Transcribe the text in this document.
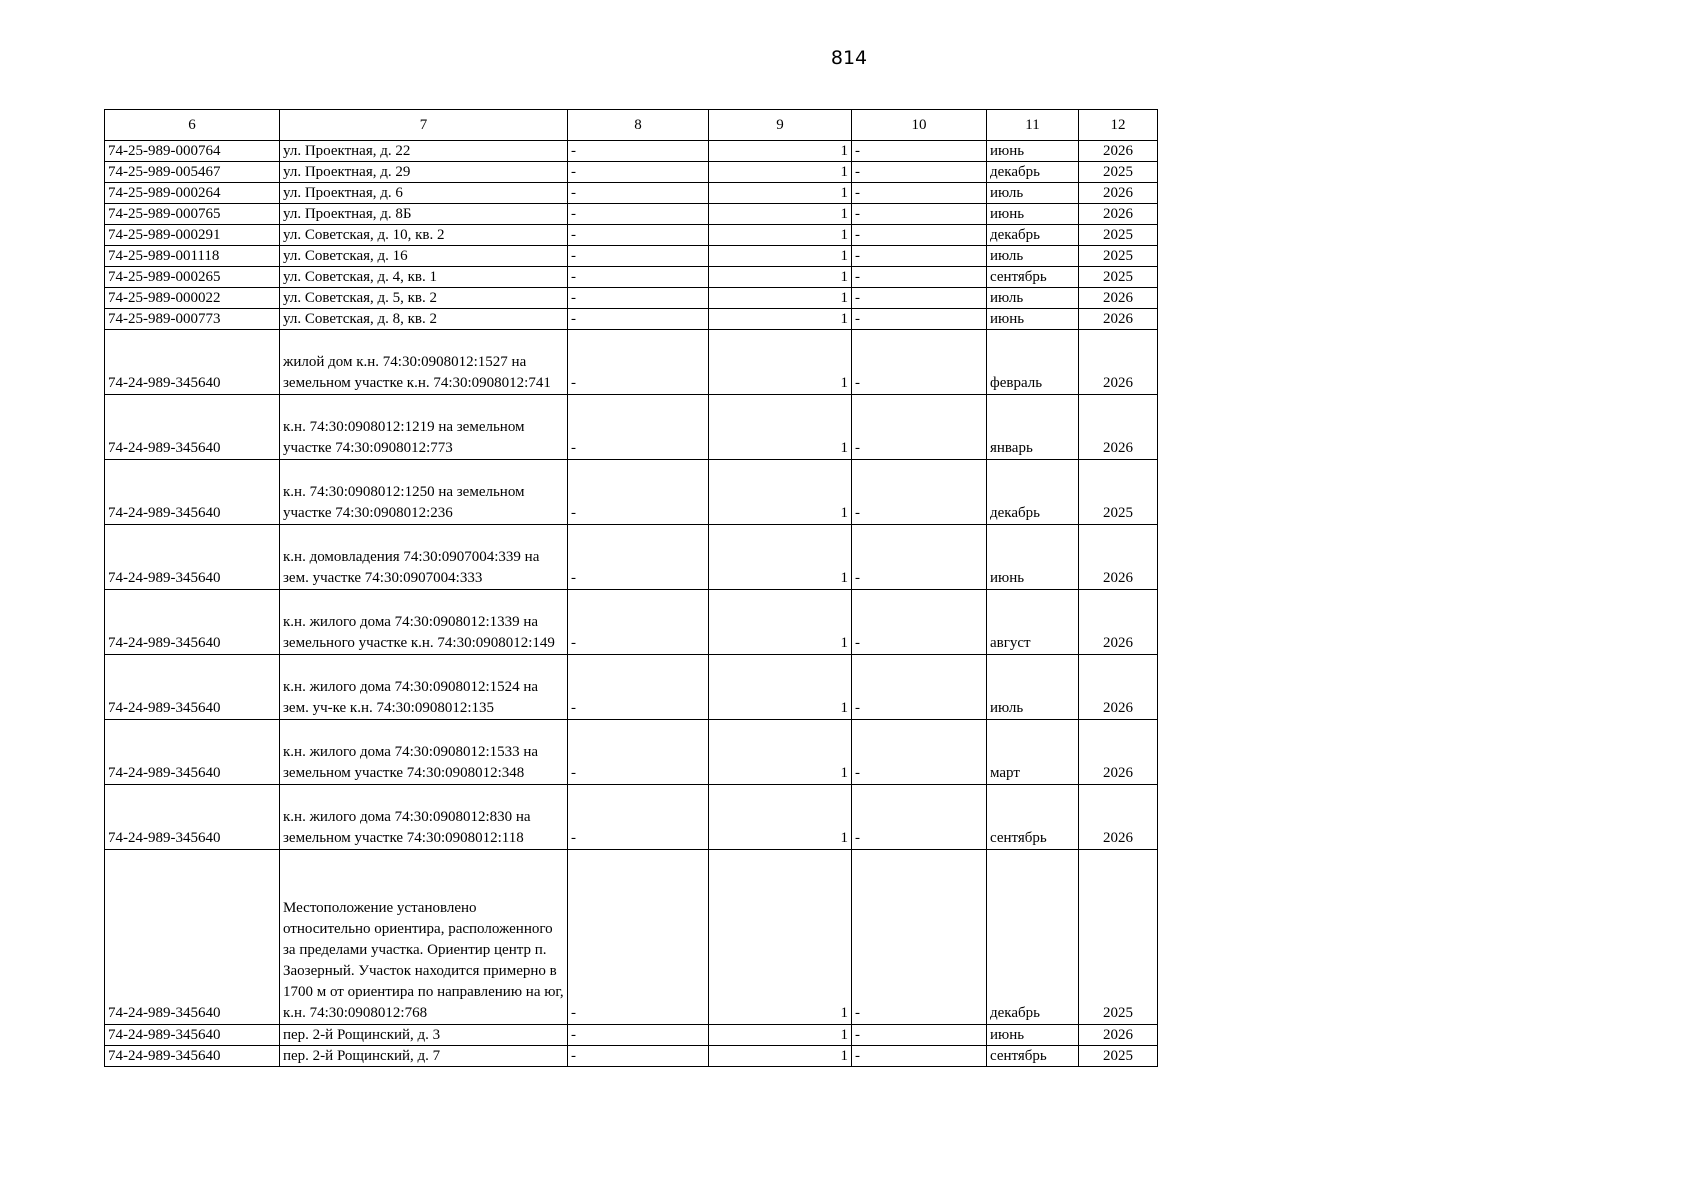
814
6	7	8	9	10	11	12
74-25-989-000764	ул. Проектная, д. 22	-	1	-	июнь	2026
74-25-989-005467	ул. Проектная, д. 29	-	1	-	декабрь	2025
74-25-989-000264	ул. Проектная, д. 6	-	1	-	июль	2026
74-25-989-000765	ул. Проектная, д. 8Б	-	1	-	июнь	2026
74-25-989-000291	ул. Советская, д. 10, кв. 2	-	1	-	декабрь	2025
74-25-989-001118	ул. Советская, д. 16	-	1	-	июль	2025
74-25-989-000265	ул. Советская, д. 4, кв. 1	-	1	-	сентябрь	2025
74-25-989-000022	ул. Советская, д. 5, кв. 2	-	1	-	июль	2026
74-25-989-000773	ул. Советская, д. 8, кв. 2	-	1	-	июнь	2026
74-24-989-345640	жилой дом к.н. 74:30:0908012:1527 на земельном участке к.н. 74:30:0908012:741	-	1	-	февраль	2026
74-24-989-345640	к.н. 74:30:0908012:1219 на земельном участке 74:30:0908012:773	-	1	-	январь	2026
74-24-989-345640	к.н. 74:30:0908012:1250 на земельном участке 74:30:0908012:236	-	1	-	декабрь	2025
74-24-989-345640	к.н. домовладения 74:30:0907004:339 на зем. участке 74:30:0907004:333	-	1	-	июнь	2026
74-24-989-345640	к.н. жилого дома 74:30:0908012:1339 на земельного участке к.н. 74:30:0908012:149	-	1	-	август	2026
74-24-989-345640	к.н. жилого дома 74:30:0908012:1524 на зем. уч-ке к.н. 74:30:0908012:135	-	1	-	июль	2026
74-24-989-345640	к.н. жилого дома 74:30:0908012:1533 на земельном участке 74:30:0908012:348	-	1	-	март	2026
74-24-989-345640	к.н. жилого дома 74:30:0908012:830 на земельном участке 74:30:0908012:118	-	1	-	сентябрь	2026
74-24-989-345640	Местоположение установлено относительно ориентира, расположенного за пределами участка. Ориентир центр п. Заозерный. Участок находится примерно в 1700 м от ориентира по направлению на юг, к.н. 74:30:0908012:768	-	1	-	декабрь	2025
74-24-989-345640	пер. 2-й Рощинский, д. 3	-	1	-	июнь	2026
74-24-989-345640	пер. 2-й Рощинский, д. 7	-	1	-	сентябрь	2025
